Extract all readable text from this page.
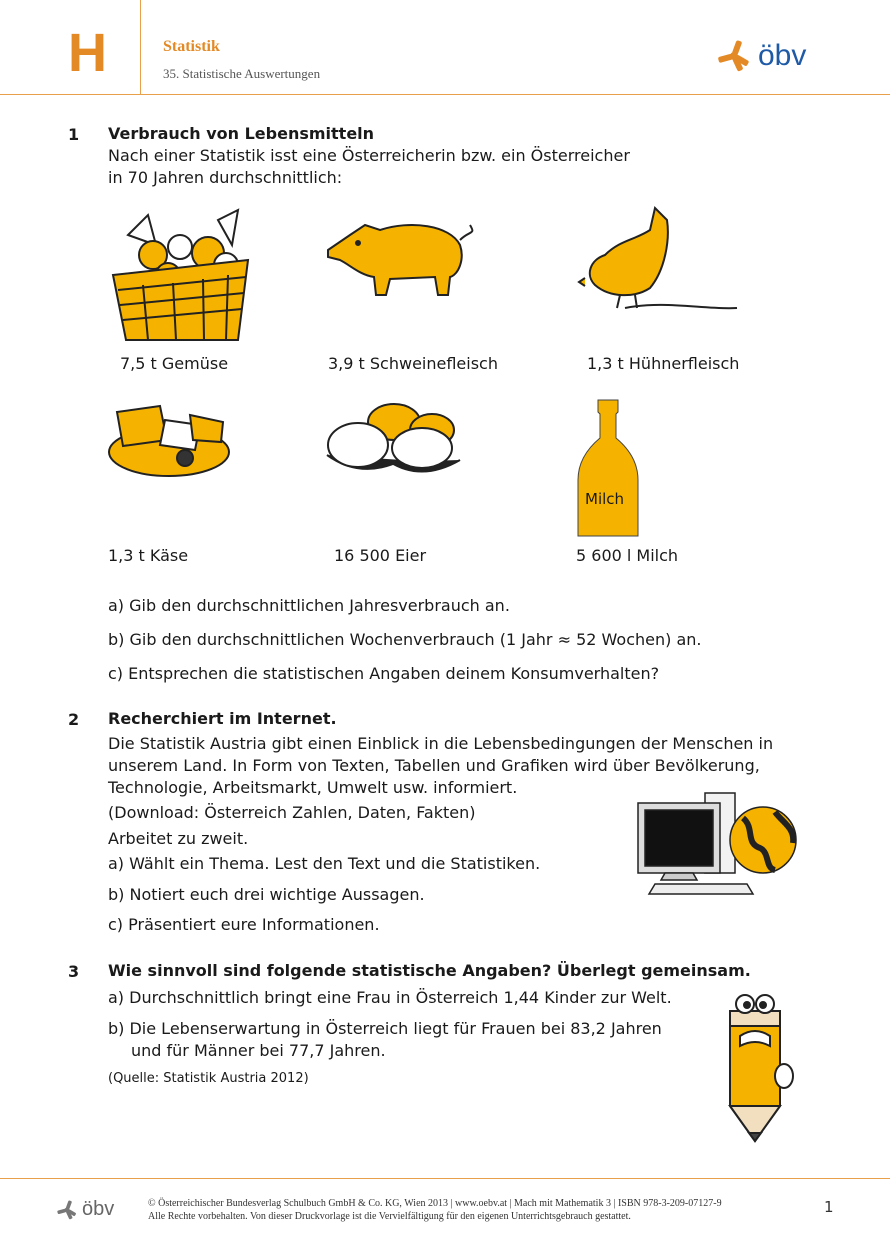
H	Statistik
35. Statistische Auswertungen
öbv
1 Verbrauch von Lebensmitteln
Nach einer Statistik isst eine Österreicherin bzw. ein Österreicher
in 70 Jahren durchschnittlich:
7,5 t Gemüse	3,9 t Schweinefleisch	1,3 t Hühnerfleisch
Milch
1,3 t Käse	16 500 Eier	5 600 l Milch
a) Gib den durchschnittlichen Jahresverbrauch an.
b) Gib den durchschnittlichen Wochenverbrauch (1 Jahr ≈ 52 Wochen) an.
c) Entsprechen die statistischen Angaben deinem Konsumverhalten?
2 Recherchiert im Internet.
Die Statistik Austria gibt einen Einblick in die Lebensbedingungen der Menschen in
unserem Land. In Form von Texten, Tabellen und Grafiken wird über Bevölkerung,
Technologie, Arbeitsmarkt, Umwelt usw. informiert.
(Download: Österreich Zahlen, Daten, Fakten)
Arbeitet zu zweit.
a) Wählt ein Thema. Lest den Text und die Statistiken.
b) Notiert euch drei wichtige Aussagen.
c) Präsentiert eure Informationen.
3 Wie sinnvoll sind folgende statistische Angaben? Überlegt gemeinsam.
a) Durchschnittlich bringt eine Frau in Österreich 1,44 Kinder zur Welt.
b) Die Lebenserwartung in Österreich liegt für Frauen bei 83,2 Jahren
und für Männer bei 77,7 Jahren.
(Quelle: Statistik Austria 2012)
öbv	© Österreichischer Bundesverlag Schulbuch GmbH & Co. KG, Wien 2013 | www.oebv.at | Mach mit Mathematik 3 | ISBN 978-3-209-07127-9
Alle Rechte vorbehalten. Von dieser Druckvorlage ist die Vervielfältigung für den eigenen Unterrichtsgebrauch gestattet.
1
